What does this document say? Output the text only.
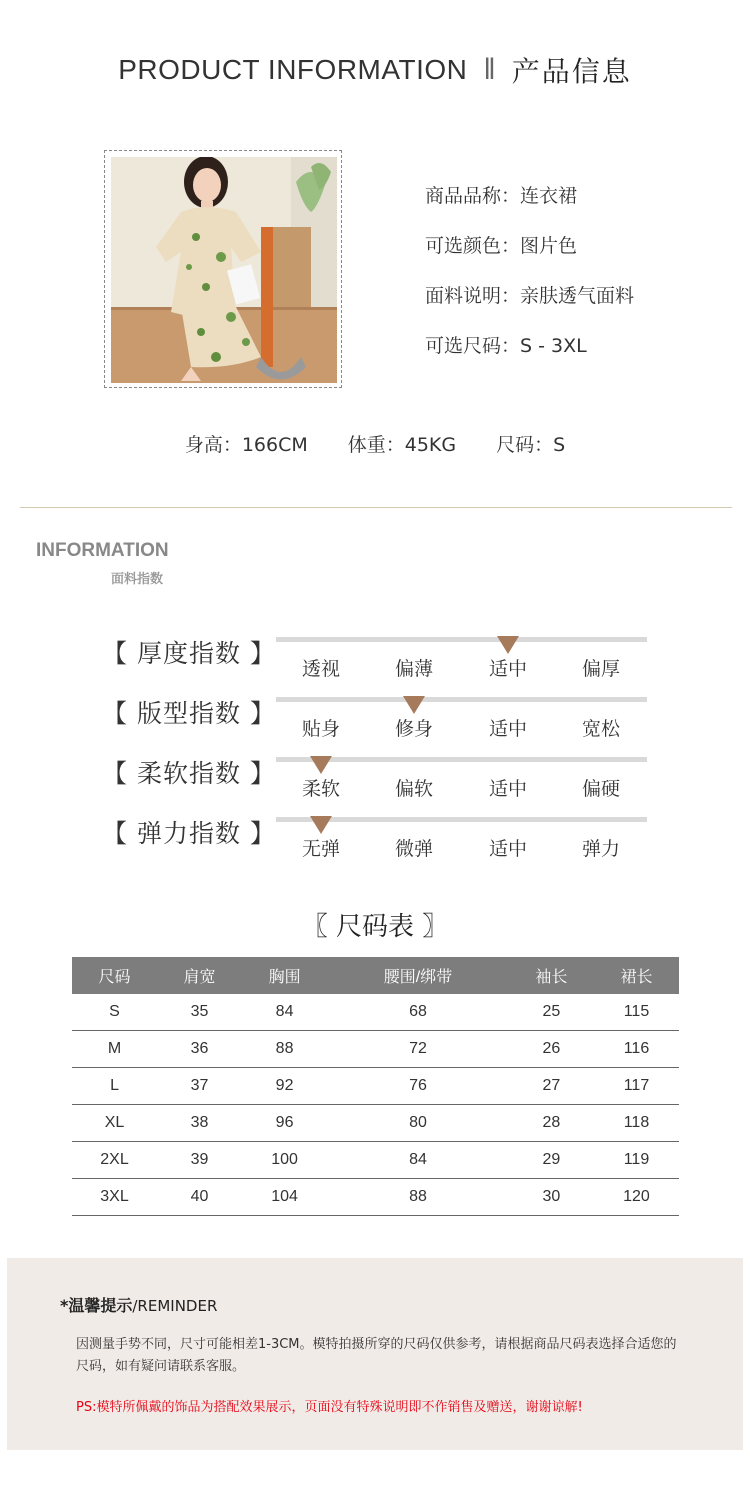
PRODUCT INFORMATION ‖ 产品信息
商品品称：连衣裙
可选颜色：图片色
面料说明：亲肤透气面料
可选尺码：S - 3XL
身高：166CM 体重：45KG 尺码：S
INFORMATION
面料指数
【 厚度指数 】
透视	偏薄	适中	偏厚
【 版型指数 】
贴身	修身	适中	宽松
【 柔软指数 】
柔软	偏软	适中	偏硬
【 弹力指数 】
无弹	微弹	适中	弹力
〖 尺码表 〗
尺码	肩宽	胸围	腰围/绑带	袖长	裙长
S	35	84	68	25	115
M	36	88	72	26	116
L	37	92	76	27	117
XL	38	96	80	28	118
2XL	39	100	84	29	119
3XL	40	104	88	30	120
*温馨提示/REMINDER
因测量手势不同，尺寸可能相差1-3CM。模特拍摄所穿的尺码仅供参考，请根据商品尺码表选择合适您的尺码，如有疑问请联系客服。
PS:模特所佩戴的饰品为搭配效果展示，页面没有特殊说明即不作销售及赠送，谢谢谅解!
